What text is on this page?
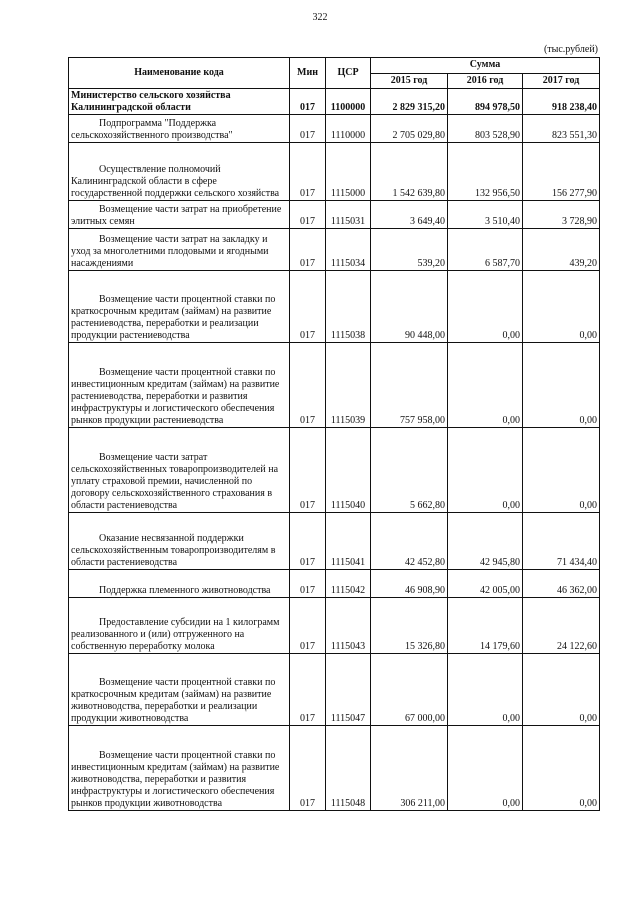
322
(тыс.рублей)
Наименование кода	Мин	ЦСР	Сумма		
			2015 год	2016 год	2017 год
Министерство сельского хозяйства Калининградской области	017	1100000	2 829 315,20	894 978,50	918 238,40
Подпрограмма "Поддержка сельскохозяйственного производства"	017	1110000	2 705 029,80	803 528,90	823 551,30
Осуществление полномочий Калининградской области в сфере государственной поддержки сельского хозяйства	017	1115000	1 542 639,80	132 956,50	156 277,90
Возмещение части затрат на приобретение элитных семян	017	1115031	3 649,40	3 510,40	3 728,90
Возмещение части затрат на закладку и уход за многолетними плодовыми и ягодными насаждениями	017	1115034	539,20	6 587,70	439,20
Возмещение части процентной ставки по краткосрочным кредитам (займам) на развитие растениеводства, переработки и реализации продукции растениеводства	017	1115038	90 448,00	0,00	0,00
Возмещение части процентной ставки по инвестиционным кредитам (займам) на развитие растениеводства, переработки и развития инфраструктуры и логистического обеспечения рынков продукции растениеводства	017	1115039	757 958,00	0,00	0,00
Возмещение части затрат сельскохозяйственных товаропроизводителей на уплату страховой премии, начисленной по договору сельскохозяйственного страхования в области растениеводства	017	1115040	5 662,80	0,00	0,00
Оказание несвязанной поддержки сельскохозяйственным товаропроизводителям в области растениеводства	017	1115041	42 452,80	42 945,80	71 434,40
Поддержка племенного животноводства	017	1115042	46 908,90	42 005,00	46 362,00
Предоставление субсидии на 1 килограмм реализованного и (или) отгруженного на собственную переработку молока	017	1115043	15 326,80	14 179,60	24 122,60
Возмещение части процентной ставки по краткосрочным кредитам (займам) на развитие животноводства, переработки и реализации продукции животноводства	017	1115047	67 000,00	0,00	0,00
Возмещение части процентной ставки по инвестиционным кредитам (займам) на развитие животноводства, переработки и развития инфраструктуры и логистического обеспечения рынков продукции животноводства	017	1115048	306 211,00	0,00	0,00
